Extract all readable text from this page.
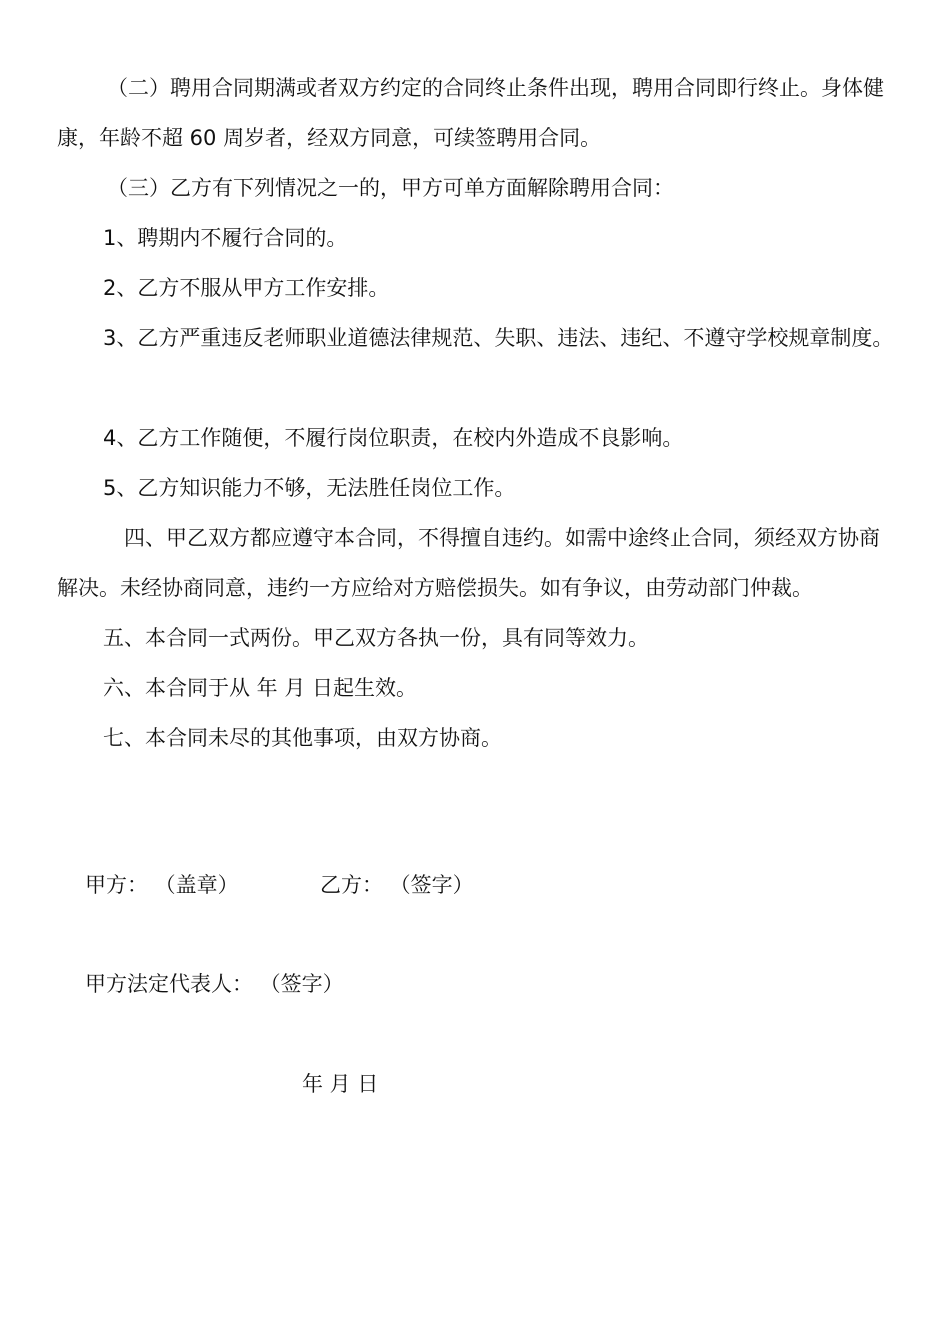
（二）聘用合同期满或者双方约定的合同终止条件出现，聘用合同即行终止。身体健康，年龄不超 60 周岁者，经双方同意，可续签聘用合同。
（三）乙方有下列情况之一的，甲方可单方面解除聘用合同：
1、聘期内不履行合同的。
2、乙方不服从甲方工作安排。
3、乙方严重违反老师职业道德法律规范、失职、违法、违纪、不遵守学校规章制度。
4、乙方工作随便，不履行岗位职责，在校内外造成不良影响。
5、乙方知识能力不够，无法胜任岗位工作。
四、甲乙双方都应遵守本合同，不得擅自违约。如需中途终止合同，须经双方协商解决。未经协商同意，违约一方应给对方赔偿损失。如有争议，由劳动部门仲裁。
五、本合同一式两份。甲乙双方各执一份，具有同等效力。
六、本合同于从 年 月 日起生效。
七、本合同未尽的其他事项，由双方协商。
甲方： （盖章）	乙方： （签字）
甲方法定代表人： （签字）
年 月 日
